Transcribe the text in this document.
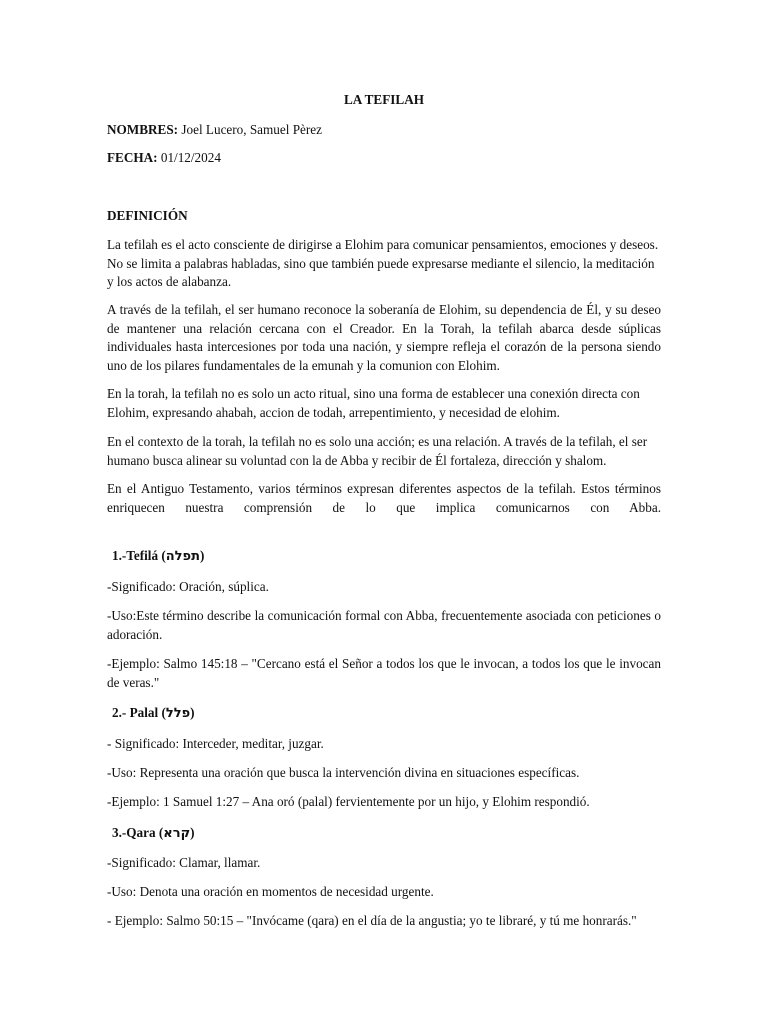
LA TEFILAH
NOMBRES: Joel Lucero, Samuel Pèrez
FECHA: 01/12/2024
DEFINICIÓN

La tefilah es el acto consciente de dirigirse a Elohim para comunicar pensamientos, emociones y deseos. No se limita a palabras habladas, sino que también puede expresarse mediante el silencio, la meditación y los actos de alabanza.

A través de la tefilah, el ser humano reconoce la soberanía de Elohim, su dependencia de Él, y su deseo de mantener una relación cercana con el Creador. En la Torah, la tefilah abarca desde súplicas individuales hasta intercesiones por toda una nación, y siempre refleja el corazón de la persona siendo uno de los pilares fundamentales de la emunah y la comunion con Elohim.

En la torah, la tefilah no es solo un acto ritual, sino una forma de establecer una conexión directa con Elohim, expresando ahabah, accion de todah, arrepentimiento, y necesidad de elohim.

En el contexto de la torah, la tefilah no es solo una acción; es una relación. A través de la tefilah, el ser humano busca alinear su voluntad con la de Abba y recibir de Él fortaleza, dirección y shalom.

En el Antiguo Testamento, varios términos expresan diferentes aspectos de la tefilah. Estos términos enriquecen nuestra comprensión de lo que implica comunicarnos con Abba.

1.-Tefilá (תפלה)
-Significado: Oración, súplica.

-Uso:Este término describe la comunicación formal con Abba, frecuentemente asociada con peticiones o adoración.

-Ejemplo: Salmo 145:18 – "Cercano está el Señor a todos los que le invocan, a todos los que le invocan de veras."

2.- Palal (פלל)
- Significado: Interceder, meditar, juzgar.
-Uso: Representa una oración que busca la intervención divina en situaciones específicas.
-Ejemplo: 1 Samuel 1:27 – Ana oró (palal) fervientemente por un hijo, y Elohim respondió.
3.-Qara (קרא)
-Significado: Clamar, llamar.
-Uso: Denota una oración en momentos de necesidad urgente.
- Ejemplo: Salmo 50:15 – "Invócame (qara) en el día de la angustia; yo te libraré, y tú me honrarás."
